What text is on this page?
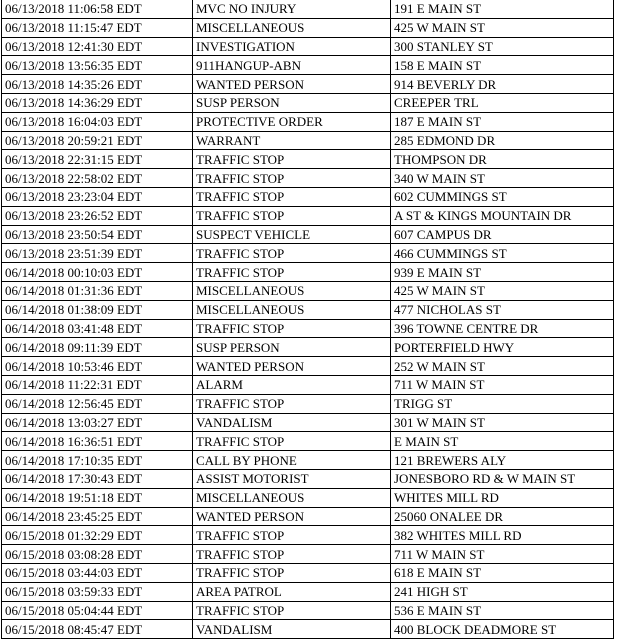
06/13/2018 11:06:58 EDT	MVC NO INJURY	191 E MAIN ST
06/13/2018 11:15:47 EDT	MISCELLANEOUS	425 W MAIN ST
06/13/2018 12:41:30 EDT	INVESTIGATION	300 STANLEY ST
06/13/2018 13:56:35 EDT	911HANGUP-ABN	158 E MAIN ST
06/13/2018 14:35:26 EDT	WANTED PERSON	914 BEVERLY DR
06/13/2018 14:36:29 EDT	SUSP PERSON	CREEPER TRL
06/13/2018 16:04:03 EDT	PROTECTIVE ORDER	187 E MAIN ST
06/13/2018 20:59:21 EDT	WARRANT	285 EDMOND DR
06/13/2018 22:31:15 EDT	TRAFFIC STOP	THOMPSON DR
06/13/2018 22:58:02 EDT	TRAFFIC STOP	340 W MAIN ST
06/13/2018 23:23:04 EDT	TRAFFIC STOP	602 CUMMINGS ST
06/13/2018 23:26:52 EDT	TRAFFIC STOP	A ST & KINGS MOUNTAIN DR
06/13/2018 23:50:54 EDT	SUSPECT VEHICLE	607 CAMPUS DR
06/13/2018 23:51:39 EDT	TRAFFIC STOP	466 CUMMINGS ST
06/14/2018 00:10:03 EDT	TRAFFIC STOP	939 E MAIN ST
06/14/2018 01:31:36 EDT	MISCELLANEOUS	425 W MAIN ST
06/14/2018 01:38:09 EDT	MISCELLANEOUS	477 NICHOLAS ST
06/14/2018 03:41:48 EDT	TRAFFIC STOP	396 TOWNE CENTRE DR
06/14/2018 09:11:39 EDT	SUSP PERSON	PORTERFIELD HWY
06/14/2018 10:53:46 EDT	WANTED PERSON	252 W MAIN ST
06/14/2018 11:22:31 EDT	ALARM	711 W MAIN ST
06/14/2018 12:56:45 EDT	TRAFFIC STOP	TRIGG ST
06/14/2018 13:03:27 EDT	VANDALISM	301 W MAIN ST
06/14/2018 16:36:51 EDT	TRAFFIC STOP	E MAIN ST
06/14/2018 17:10:35 EDT	CALL BY PHONE	121 BREWERS ALY
06/14/2018 17:30:43 EDT	ASSIST MOTORIST	JONESBORO RD & W MAIN ST
06/14/2018 19:51:18 EDT	MISCELLANEOUS	WHITES MILL RD
06/14/2018 23:45:25 EDT	WANTED PERSON	25060 ONALEE DR
06/15/2018 01:32:29 EDT	TRAFFIC STOP	382 WHITES MILL RD
06/15/2018 03:08:28 EDT	TRAFFIC STOP	711 W MAIN ST
06/15/2018 03:44:03 EDT	TRAFFIC STOP	618 E MAIN ST
06/15/2018 03:59:33 EDT	AREA PATROL	241 HIGH ST
06/15/2018 05:04:44 EDT	TRAFFIC STOP	536 E MAIN ST
06/15/2018 08:45:47 EDT	VANDALISM	400 BLOCK DEADMORE ST
